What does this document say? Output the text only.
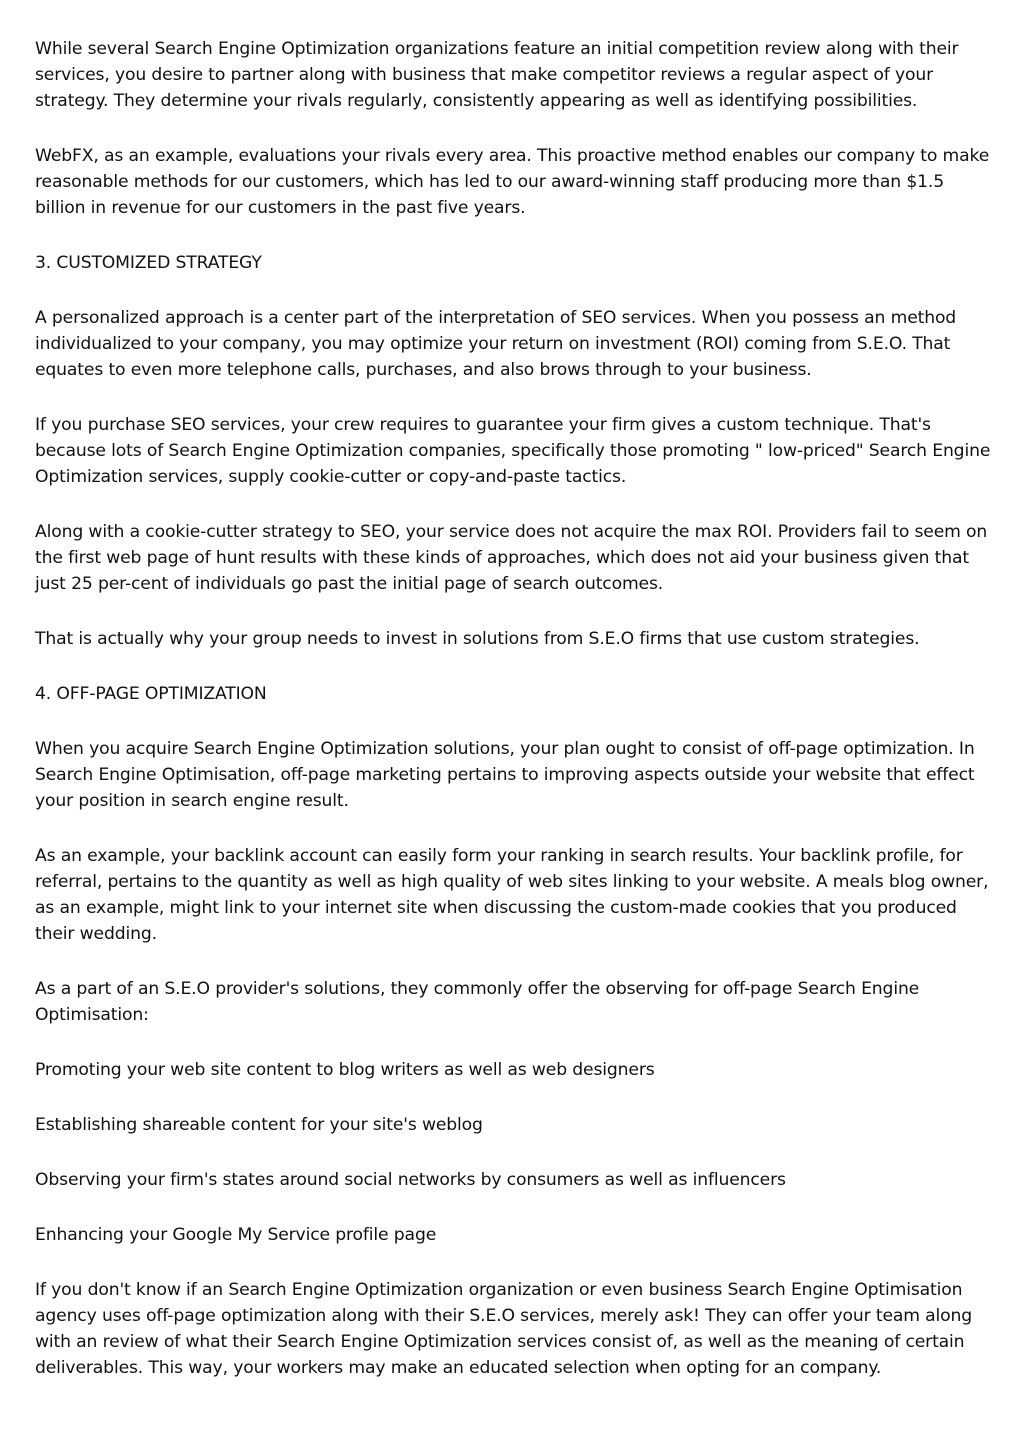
While several Search Engine Optimization organizations feature an initial competition review along with their services, you desire to partner along with business that make competitor reviews a regular aspect of your strategy. They determine your rivals regularly, consistently appearing as well as identifying possibilities.

WebFX, as an example, evaluations your rivals every area. This proactive method enables our company to make reasonable methods for our customers, which has led to our award-winning staff producing more than $1.5 billion in revenue for our customers in the past five years.

3. CUSTOMIZED STRATEGY

A personalized approach is a center part of the interpretation of SEO services. When you possess an method individualized to your company, you may optimize your return on investment (ROI) coming from S.E.O. That equates to even more telephone calls, purchases, and also brows through to your business.

If you purchase SEO services, your crew requires to guarantee your firm gives a custom technique. That's because lots of Search Engine Optimization companies, specifically those promoting " low-priced" Search Engine Optimization services, supply cookie-cutter or copy-and-paste tactics.

Along with a cookie-cutter strategy to SEO, your service does not acquire the max ROI. Providers fail to seem on the first web page of hunt results with these kinds of approaches, which does not aid your business given that just 25 per-cent of individuals go past the initial page of search outcomes.

That is actually why your group needs to invest in solutions from S.E.O firms that use custom strategies.

4. OFF-PAGE OPTIMIZATION

When you acquire Search Engine Optimization solutions, your plan ought to consist of off-page optimization. In Search Engine Optimisation, off-page marketing pertains to improving aspects outside your website that effect your position in search engine result.

As an example, your backlink account can easily form your ranking in search results. Your backlink profile, for referral, pertains to the quantity as well as high quality of web sites linking to your website. A meals blog owner, as an example, might link to your internet site when discussing the custom-made cookies that you produced their wedding.

As a part of an S.E.O provider's solutions, they commonly offer the observing for off-page Search Engine Optimisation:

Promoting your web site content to blog writers as well as web designers

Establishing shareable content for your site's weblog

Observing your firm's states around social networks by consumers as well as influencers

Enhancing your Google My Service profile page

If you don't know if an Search Engine Optimization organization or even business Search Engine Optimisation agency uses off-page optimization along with their S.E.O services, merely ask! They can offer your team along with an review of what their Search Engine Optimization services consist of, as well as the meaning of certain deliverables. This way, your workers may make an educated selection when opting for an company.
